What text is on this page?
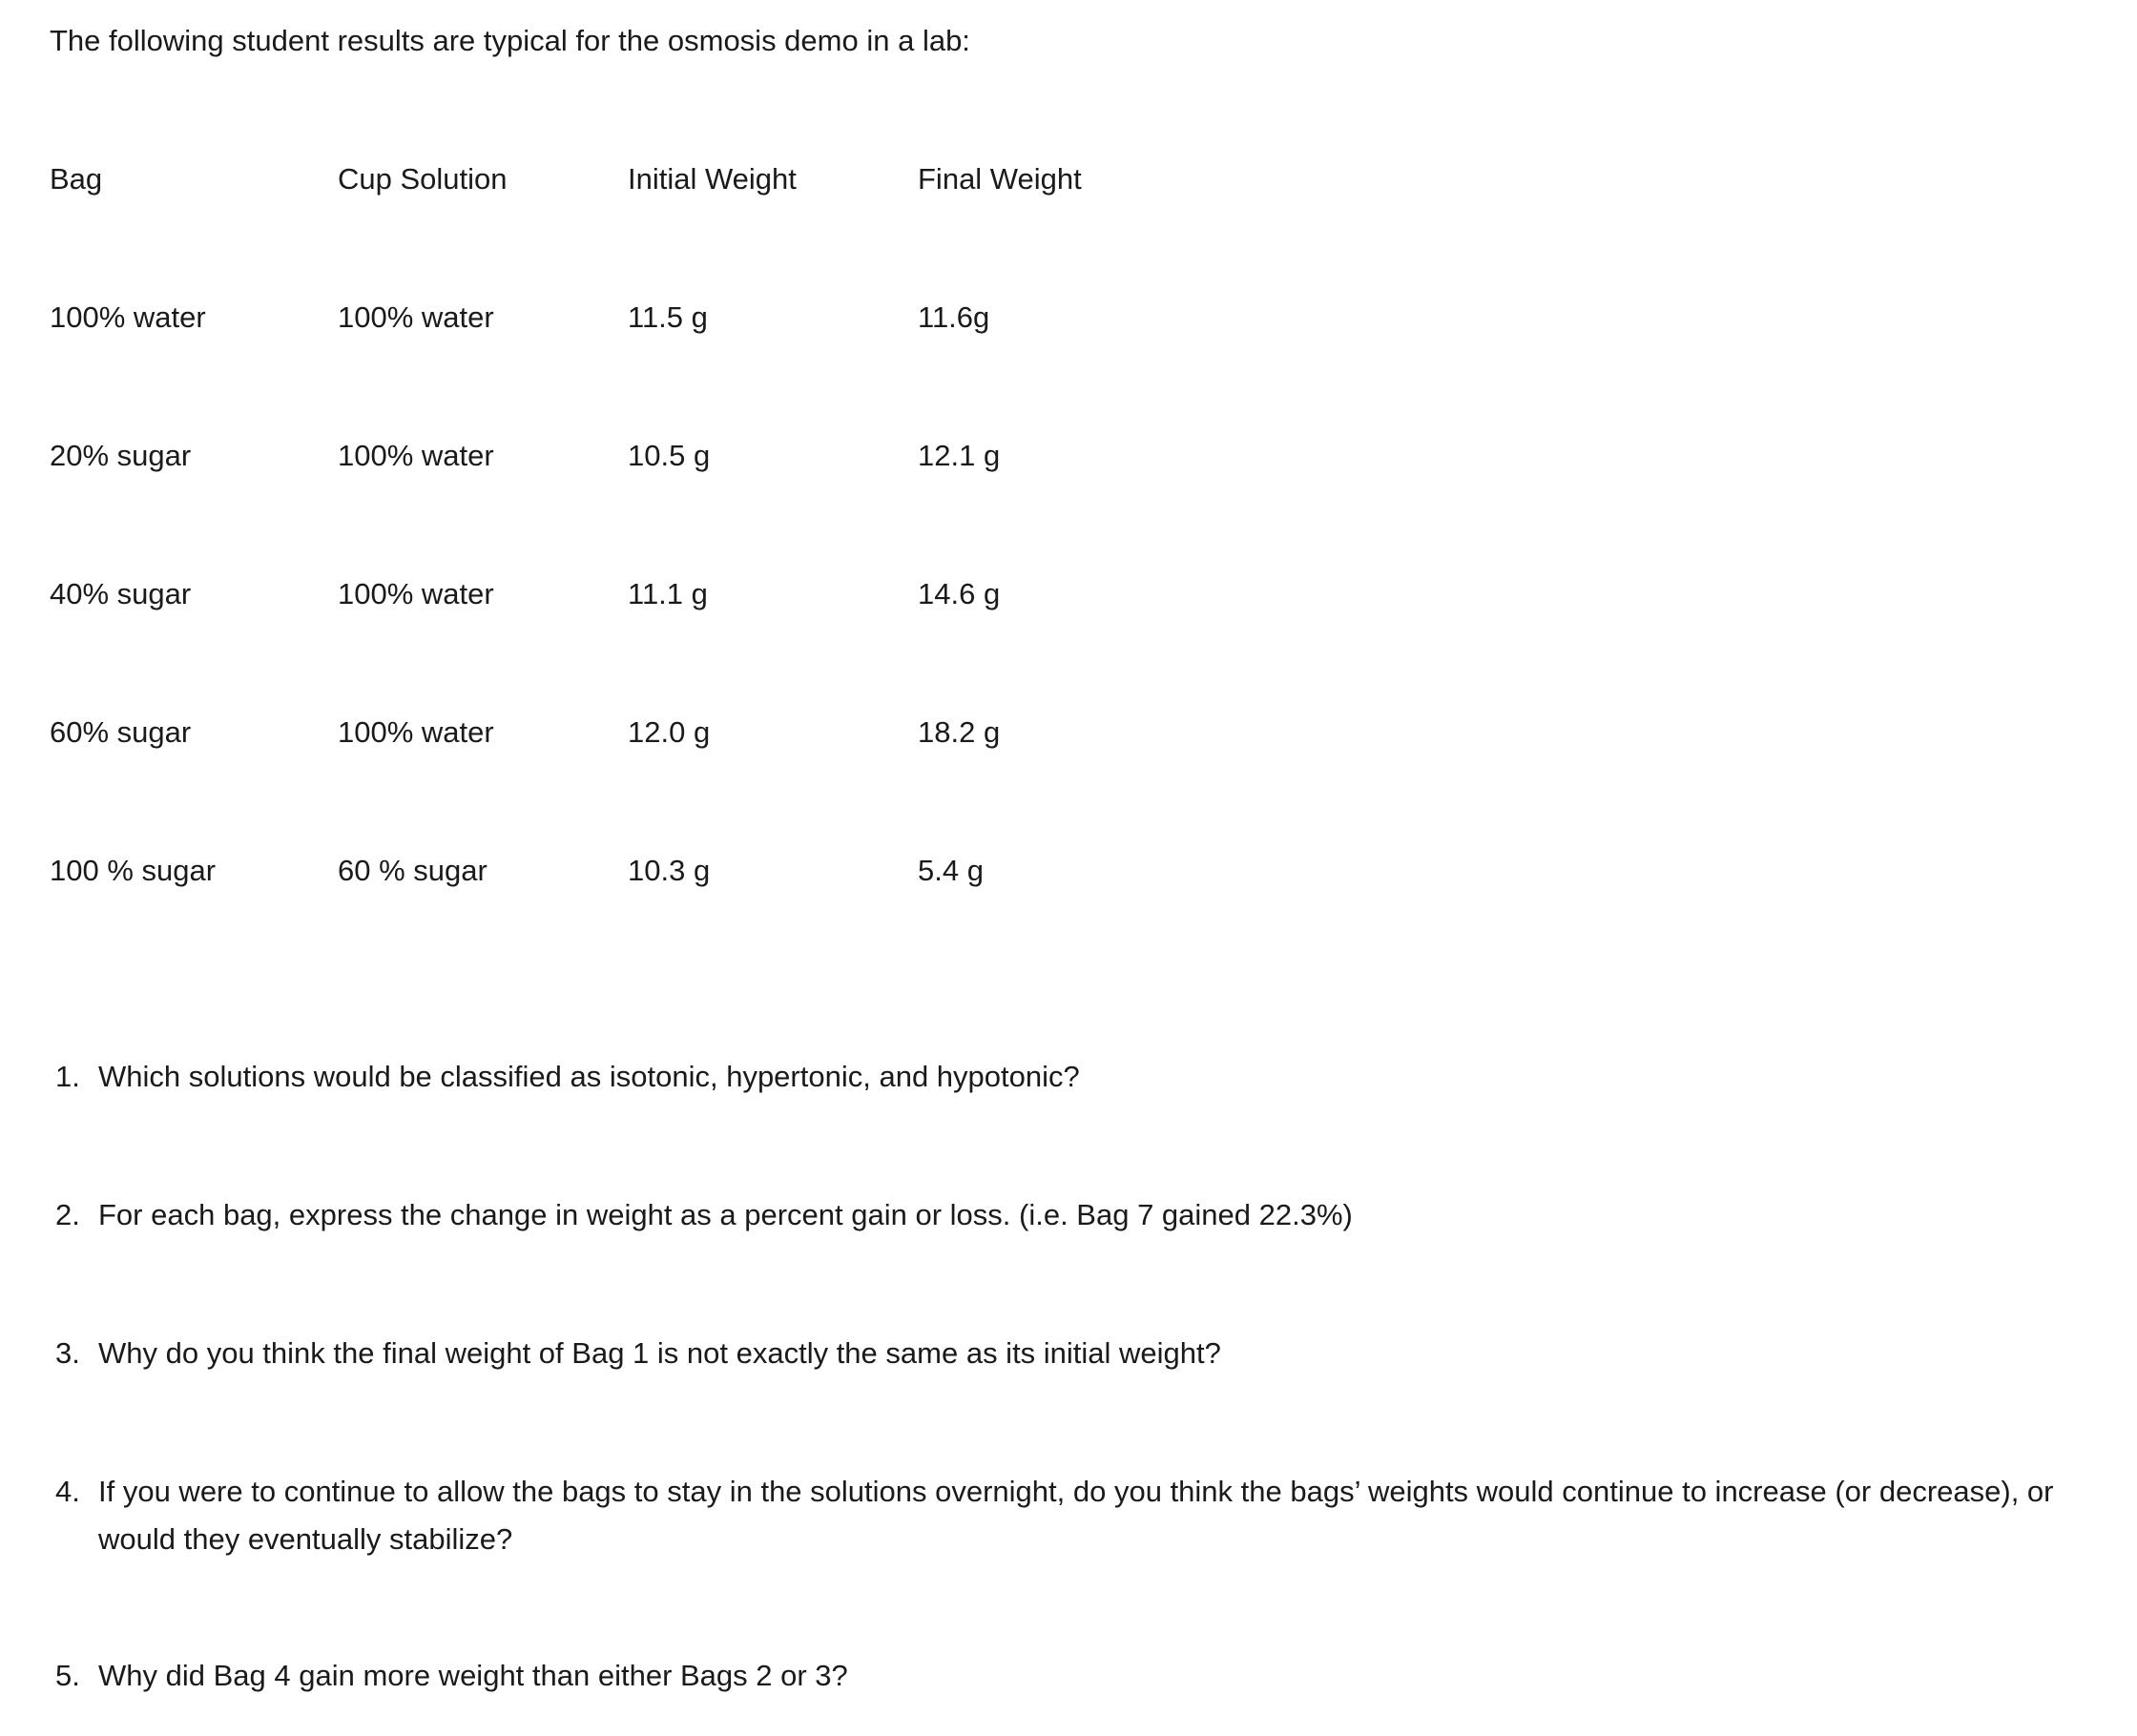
The following student results are typical for the osmosis demo in a lab:
Bag	Cup Solution	Initial Weight	Final Weight
100% water	100% water	11.5 g	11.6g
20% sugar	100% water	10.5 g	12.1 g
40% sugar	100% water	11.1 g	14.6 g
60% sugar	100% water	12.0 g	18.2 g
100 % sugar	60 % sugar	10.3 g	5.4 g
1. Which solutions would be classified as isotonic, hypertonic, and hypotonic?
2. For each bag, express the change in weight as a percent gain or loss. (i.e. Bag 7 gained 22.3%)
3. Why do you think the final weight of Bag 1 is not exactly the same as its initial weight?
4. If you were to continue to allow the bags to stay in the solutions overnight, do you think the bags’ weights would continue to increase (or decrease), or would they eventually stabilize?
5. Why did Bag 4 gain more weight than either Bags 2 or 3?
